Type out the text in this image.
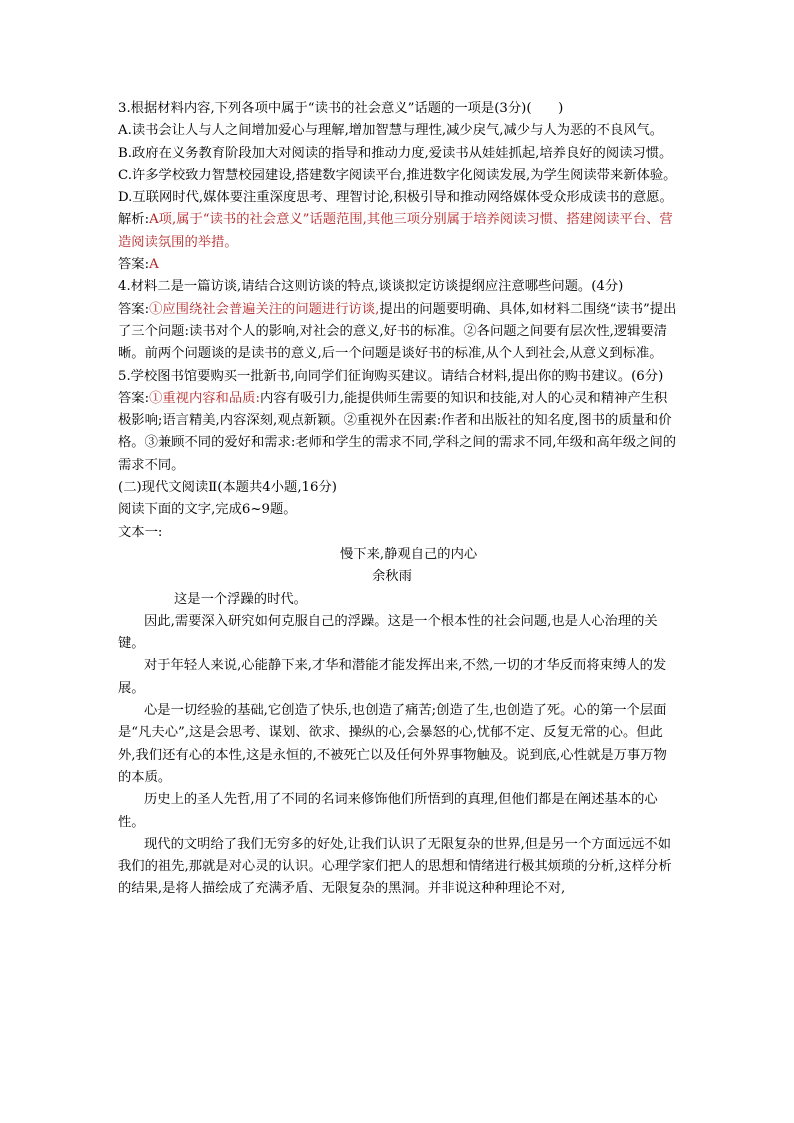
3.根据材料内容,下列各项中属于“读书的社会意义”话题的一项是(3分)(　　)

A.读书会让人与人之间增加爱心与理解,增加智慧与理性,减少戾气,减少与人为恶的不良风气。

B.政府在义务教育阶段加大对阅读的指导和推动力度,爱读书从娃娃抓起,培养良好的阅读习惯。

C.许多学校致力智慧校园建设,搭建数字阅读平台,推进数字化阅读发展,为学生阅读带来新体验。

D.互联网时代,媒体要注重深度思考、理智讨论,积极引导和推动网络媒体受众形成读书的意愿。

解析:A项,属于“读书的社会意义”话题范围,其他三项分别属于培养阅读习惯、搭建阅读平台、营造阅读氛围的举措。

答案:A

4.材料二是一篇访谈,请结合这则访谈的特点,谈谈拟定访谈提纲应注意哪些问题。(4分)

答案:①应围绕社会普遍关注的问题进行访谈,提出的问题要明确、具体,如材料二围绕“读书”提出了三个问题:读书对个人的影响,对社会的意义,好书的标准。②各问题之间要有层次性,逻辑要清晰。前两个问题谈的是读书的意义,后一个问题是谈好书的标准,从个人到社会,从意义到标准。

5.学校图书馆要购买一批新书,向同学们征询购买建议。请结合材料,提出你的购书建议。(6分)

答案:①重视内容和品质:内容有吸引力,能提供师生需要的知识和技能,对人的心灵和精神产生积极影响;语言精美,内容深刻,观点新颖。②重视外在因素:作者和出版社的知名度,图书的质量和价格。③兼顾不同的爱好和需求:老师和学生的需求不同,学科之间的需求不同,年级和高年级之间的需求不同。

(二)现代文阅读Ⅱ(本题共4小题,16分)

阅读下面的文字,完成6~9题。

文本一:

慢下来,静观自己的内心

余秋雨

这是一个浮躁的时代。

因此,需要深入研究如何克服自己的浮躁。这是一个根本性的社会问题,也是人心治理的关键。

对于年轻人来说,心能静下来,才华和潜能才能发挥出来,不然,一切的才华反而将束缚人的发展。

心是一切经验的基础,它创造了快乐,也创造了痛苦;创造了生,也创造了死。心的第一个层面是“凡夫心”,这是会思考、谋划、欲求、操纵的心,会暴怒的心,忧郁不定、反复无常的心。但此外,我们还有心的本性,这是永恒的,不被死亡以及任何外界事物触及。说到底,心性就是万事万物的本质。

历史上的圣人先哲,用了不同的名词来修饰他们所悟到的真理,但他们都是在阐述基本的心性。

现代的文明给了我们无穷多的好处,让我们认识了无限复杂的世界,但是另一个方面远远不如我们的祖先,那就是对心灵的认识。心理学家们把人的思想和情绪进行极其烦琐的分析,这样分析的结果,是将人描绘成了充满矛盾、无限复杂的黑洞。并非说这种种理论不对,
